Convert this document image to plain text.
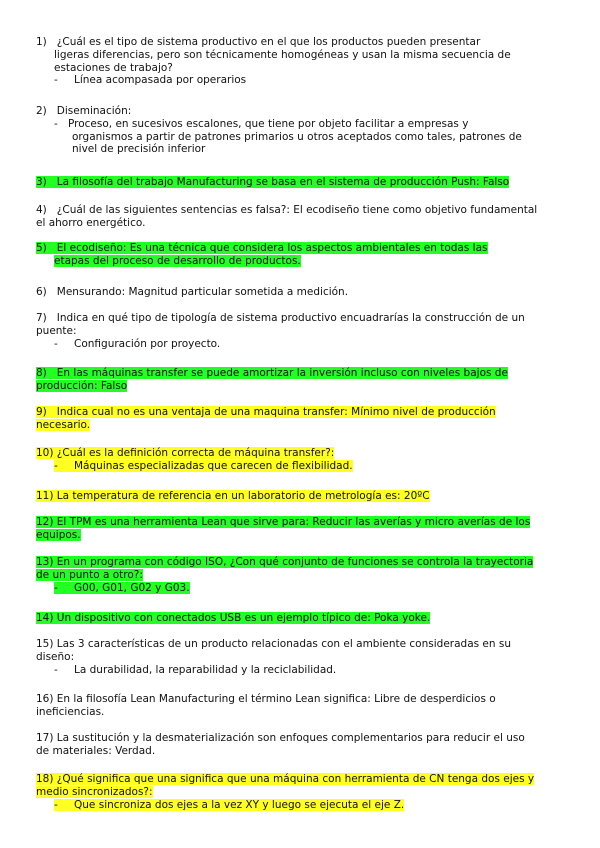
1)   ¿Cuál es el tipo de sistema productivo en el que los productos pueden presentar
ligeras diferencias, pero son técnicamente homogéneas y usan la misma secuencia de
estaciones de trabajo?
- Línea acompasada por operarios
2)   Diseminación:
- Proceso, en sucesivos escalones, que tiene por objeto facilitar a empresas y
organismos a partir de patrones primarios u otros aceptados como tales, patrones de
nivel de precisión inferior
3)   La filosofía del trabajo Manufacturing se basa en el sistema de producción Push: Falso
4)   ¿Cuál de las siguientes sentencias es falsa?: El ecodiseño tiene como objetivo fundamental
el ahorro energético.
5)   El ecodiseño: Es una técnica que considera los aspectos ambientales en todas las
etapas del proceso de desarrollo de productos.
6)   Mensurando: Magnitud particular sometida a medición.
7)   Indica en qué tipo de tipología de sistema productivo encuadrarías la construcción de un
puente:
- Configuración por proyecto.
8)   En las máquinas transfer se puede amortizar la inversión incluso con niveles bajos de
producción: Falso
9)   Indica cual no es una ventaja de una maquina transfer: Mínimo nivel de producción
necesario.
10) ¿Cuál es la definición correcta de máquina transfer?:
- Máquinas especializadas que carecen de flexibilidad.
11) La temperatura de referencia en un laboratorio de metrología es: 20ºC
12) El TPM es una herramienta Lean que sirve para: Reducir las averías y micro averías de los
equipos.
13) En un programa con código ISO, ¿Con qué conjunto de funciones se controla la trayectoria
de un punto a otro?:
- G00, G01, G02 y G03.
14) Un dispositivo con conectados USB es un ejemplo típico de: Poka yoke.
15) Las 3 características de un producto relacionadas con el ambiente consideradas en su
diseño:
- La durabilidad, la reparabilidad y la reciclabilidad.
16) En la filosofía Lean Manufacturing el término Lean significa: Libre de desperdicios o
ineficiencias.
17) La sustitución y la desmaterialización son enfoques complementarios para reducir el uso
de materiales: Verdad.
18) ¿Qué significa que una significa que una máquina con herramienta de CN tenga dos ejes y
medio sincronizados?:
- Que sincroniza dos ejes a la vez XY y luego se ejecuta el eje Z.
